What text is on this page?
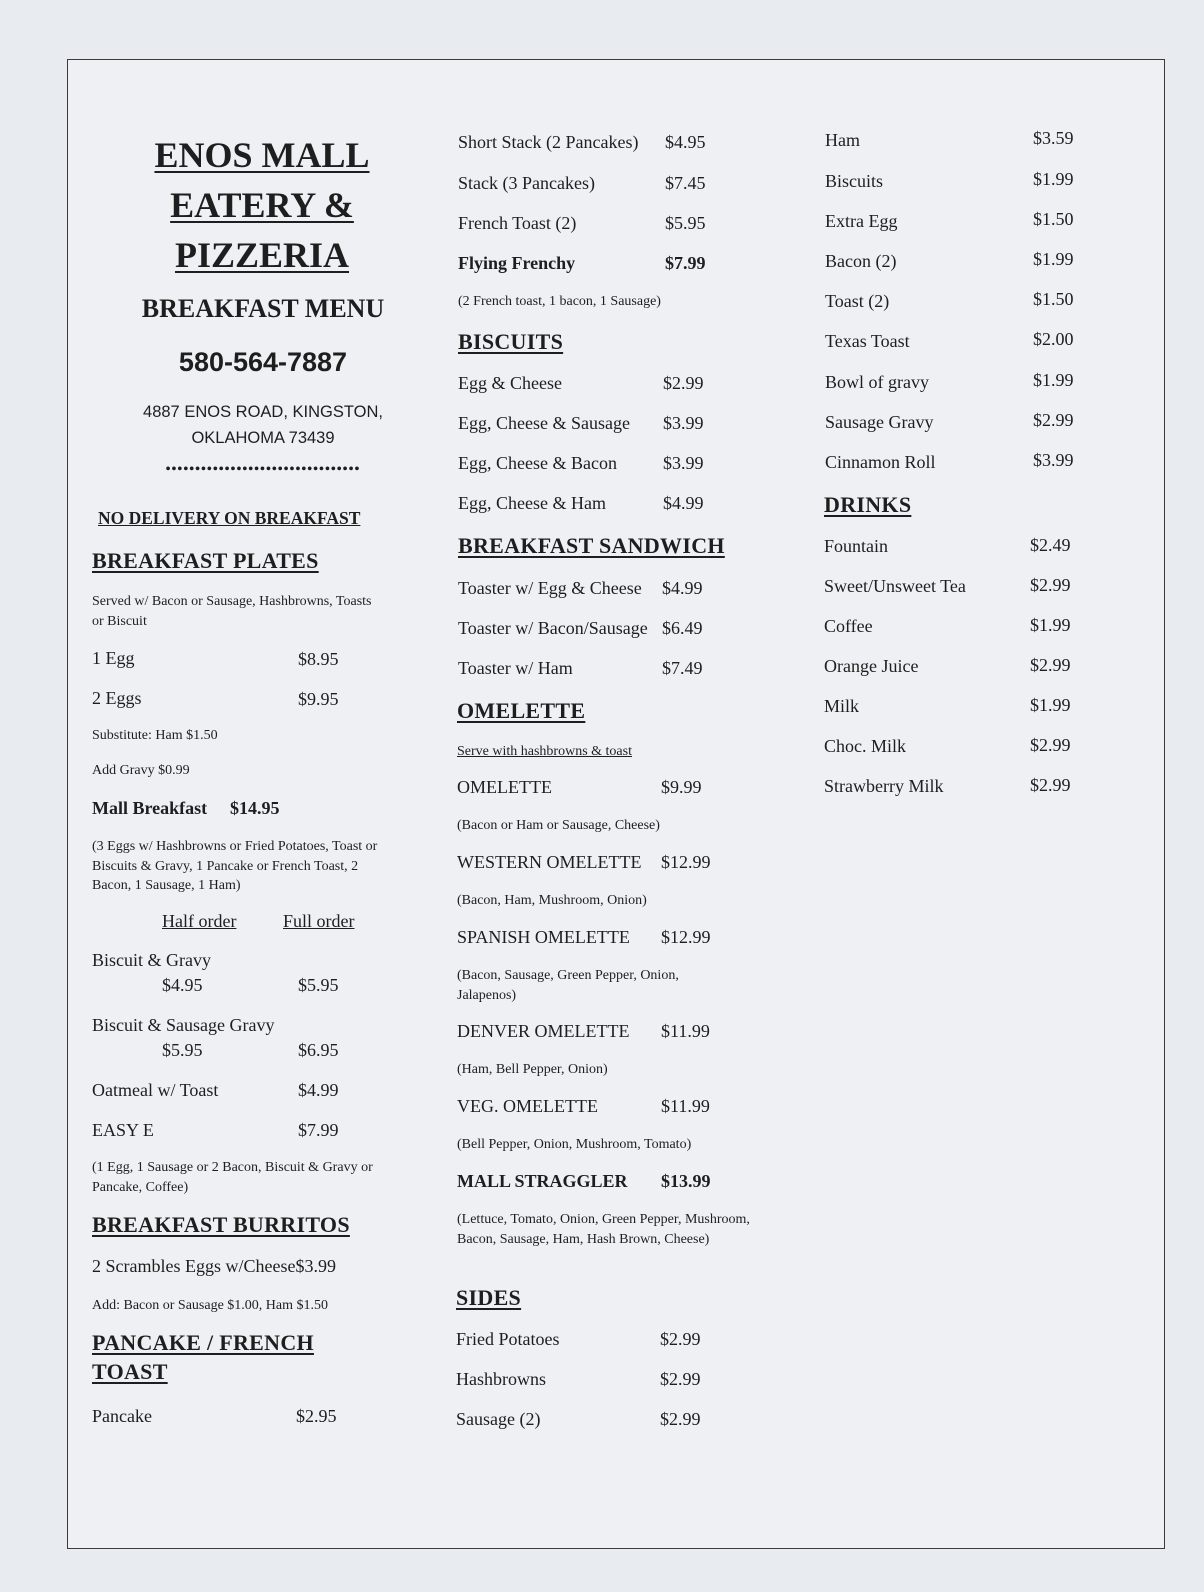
ENOS MALL
EATERY &
PIZZERIA
BREAKFAST MENU
580-564-7887
4887 ENOS ROAD, KINGSTON,
OKLAHOMA 73439
•••••••••••••••••••••••••••••••••
NO DELIVERY ON BREAKFAST
BREAKFAST PLATES
Served w/ Bacon or Sausage, Hashbrowns, Toasts or Biscuit
1 Egg	$8.95
2 Eggs	$9.95
Substitute: Ham $1.50
Add Gravy $0.99
Mall Breakfast $14.95
(3 Eggs w/ Hashbrowns or Fried Potatoes, Toast or Biscuits & Gravy, 1 Pancake or French Toast, 2 Bacon, 1 Sausage, 1 Ham)
Half order	Full order
Biscuit & Gravy
$4.95	$5.95
Biscuit & Sausage Gravy
$5.95	$6.95
Oatmeal w/ Toast	$4.99
EASY E	$7.99
(1 Egg, 1 Sausage or 2 Bacon, Biscuit & Gravy or Pancake, Coffee)
BREAKFAST BURRITOS
2 Scrambles Eggs w/Cheese$3.99
Add: Bacon or Sausage $1.00, Ham $1.50
PANCAKE / FRENCH
TOAST
Pancake	$2.95
Short Stack (2 Pancakes) $4.95
Stack (3 Pancakes)	$7.45
French Toast (2)	$5.95
Flying Frenchy	$7.99
(2 French toast, 1 bacon, 1 Sausage)
BISCUITS
Egg & Cheese	$2.99
Egg, Cheese & Sausage $3.99
Egg, Cheese & Bacon	$3.99
Egg, Cheese & Ham	$4.99
BREAKFAST SANDWICH
Toaster w/ Egg & Cheese $4.99
Toaster w/ Bacon/Sausage $6.49
Toaster w/ Ham	$7.49
OMELETTE
Serve with hashbrowns & toast
OMELETTE	$9.99
(Bacon or Ham or Sausage, Cheese)
WESTERN OMELETTE $12.99
(Bacon, Ham, Mushroom, Onion)
SPANISH OMELETTE $12.99
(Bacon, Sausage, Green Pepper, Onion, Jalapenos)
DENVER OMELETTE $11.99
(Ham, Bell Pepper, Onion)
VEG. OMELETTE	$11.99
(Bell Pepper, Onion, Mushroom, Tomato)
MALL STRAGGLER $13.99
(Lettuce, Tomato, Onion, Green Pepper, Mushroom, Bacon, Sausage, Ham, Hash Brown, Cheese)
SIDES
Fried Potatoes	$2.99
Hashbrowns	$2.99
Sausage (2)	$2.99
Ham	$3.59
Biscuits	$1.99
Extra Egg	$1.50
Bacon (2)	$1.99
Toast (2)	$1.50
Texas Toast	$2.00
Bowl of gravy	$1.99
Sausage Gravy	$2.99
Cinnamon Roll	$3.99
DRINKS
Fountain	$2.49
Sweet/Unsweet Tea	$2.99
Coffee	$1.99
Orange Juice	$2.99
Milk	$1.99
Choc. Milk	$2.99
Strawberry Milk	$2.99
